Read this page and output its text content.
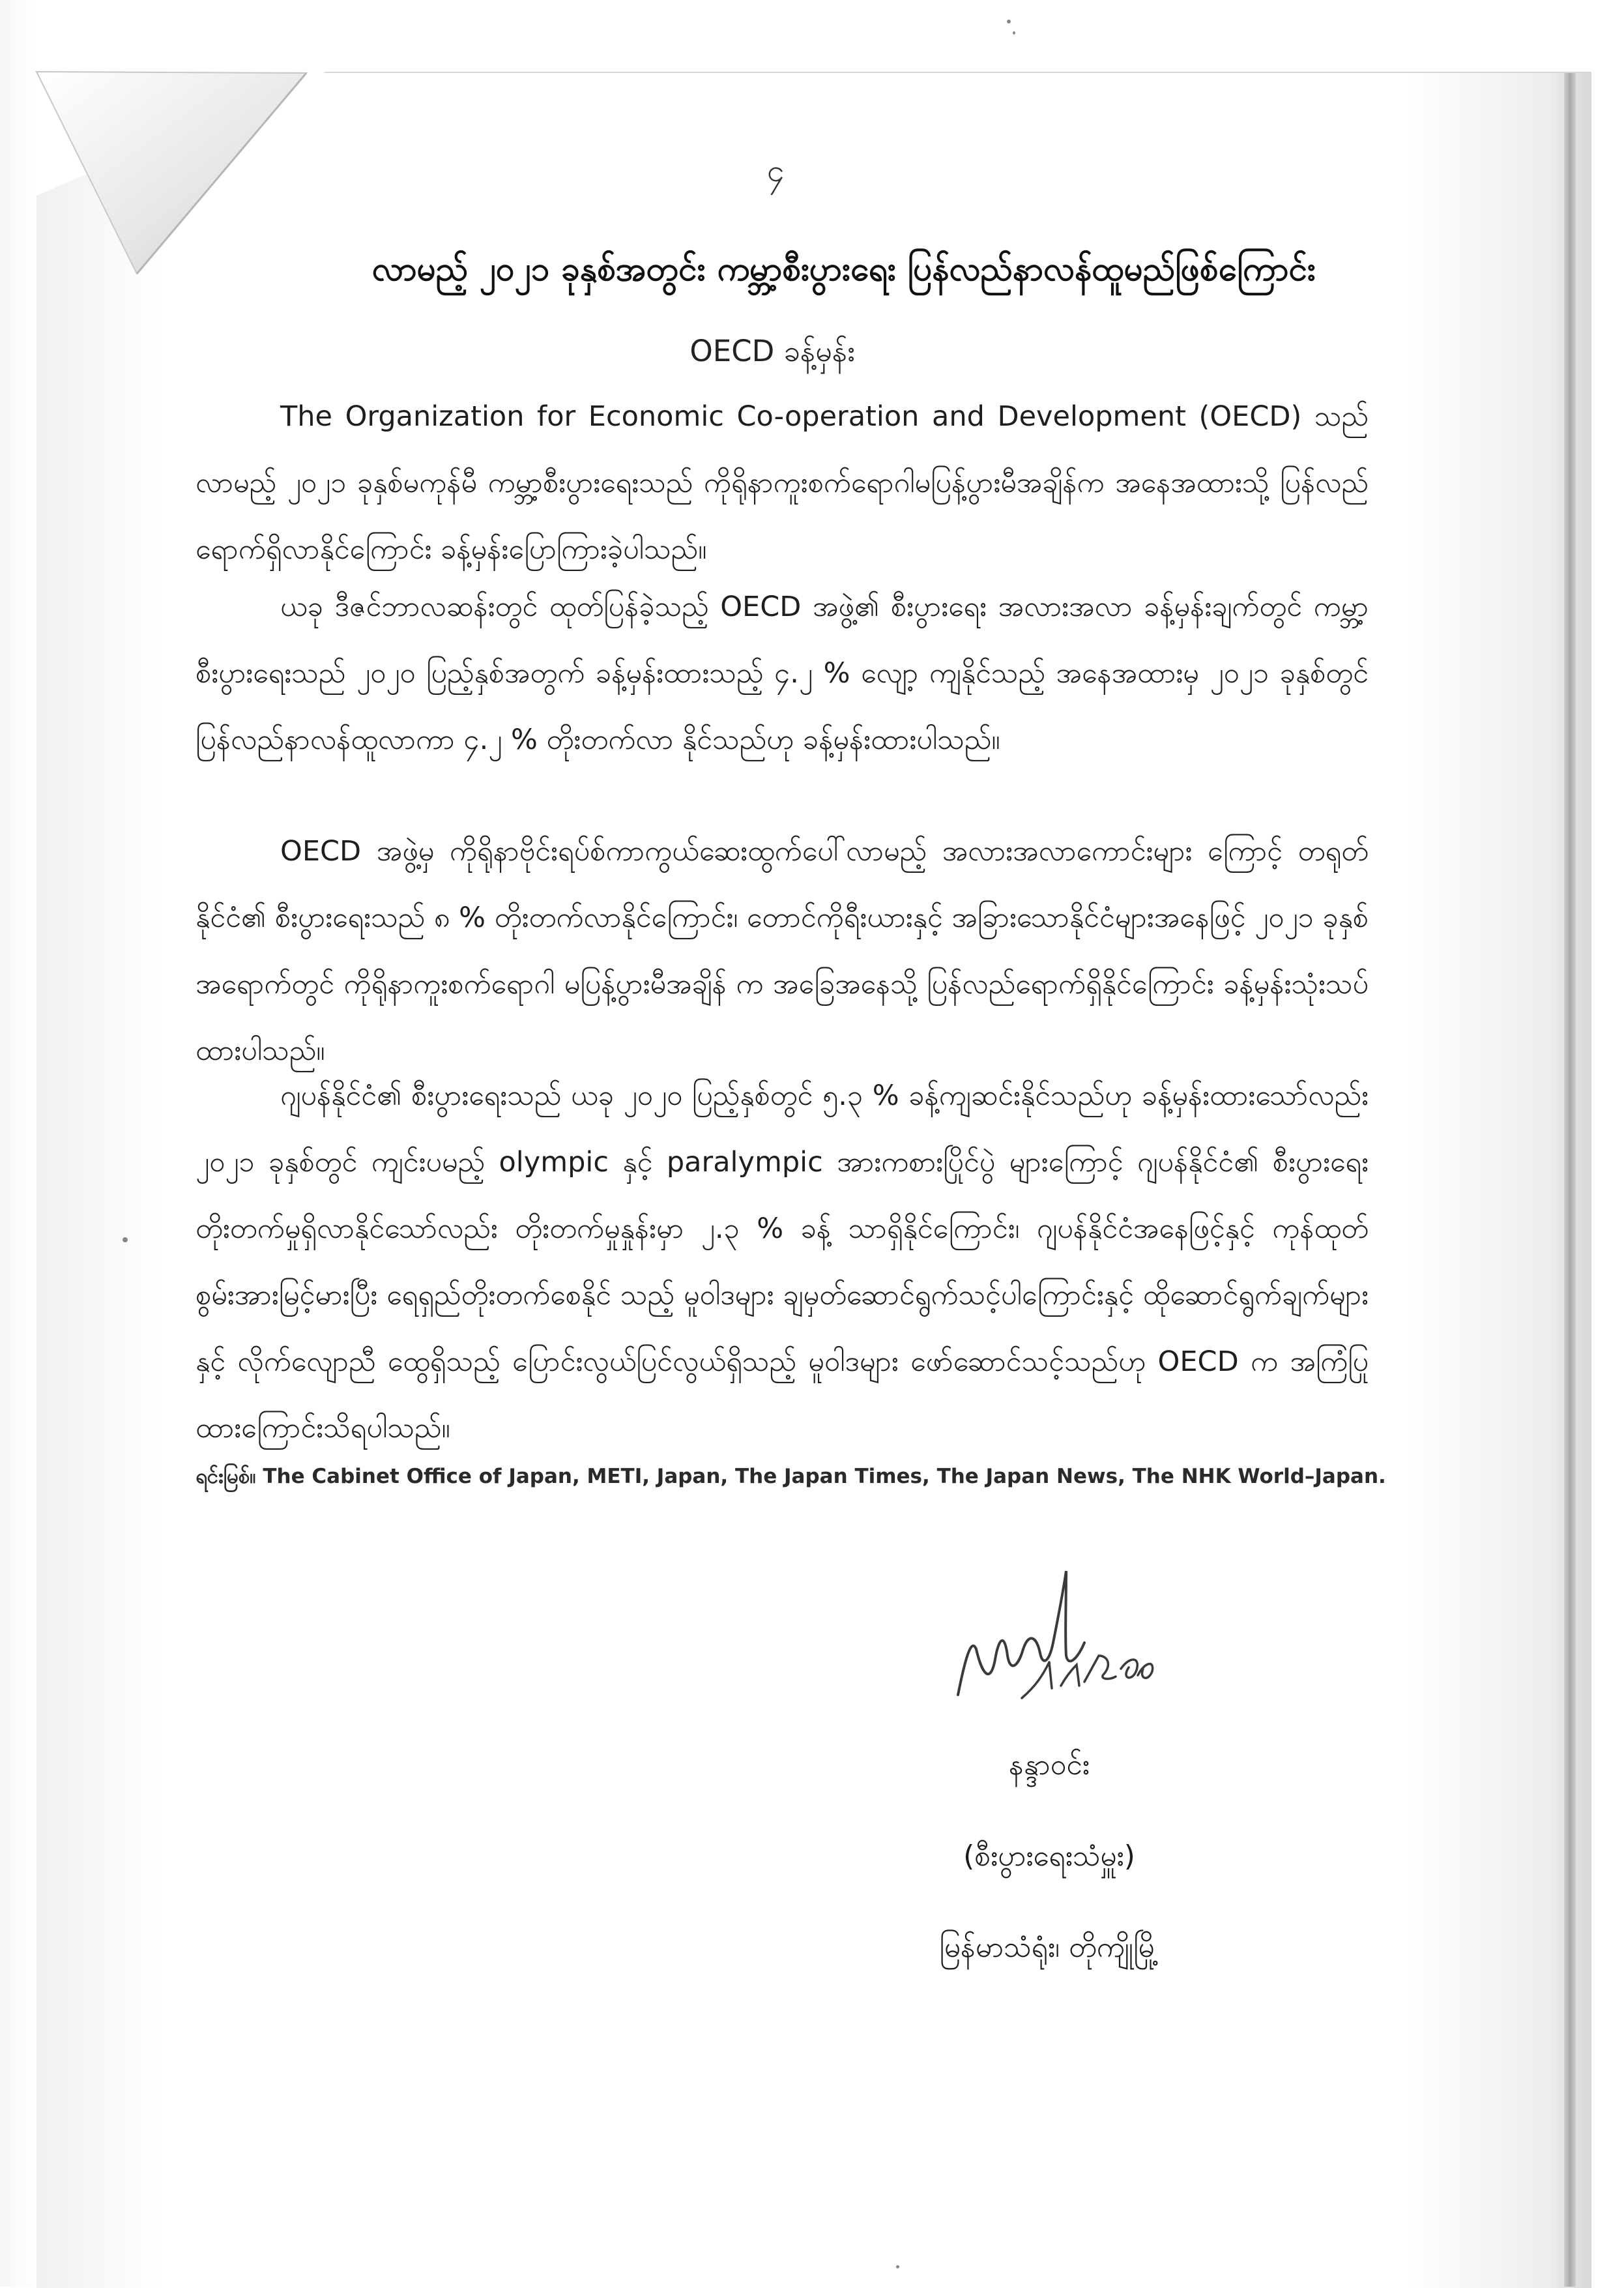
၄
လာမည့် ၂၀၂၁ ခုနှစ်အတွင်း ကမ္ဘာ့စီးပွားရေး ပြန်လည်နာလန်ထူမည်ဖြစ်ကြောင်း
OECD ခန့်မှန်း
The Organization for Economic Co-operation and Development (OECD) သည် လာမည့် ၂၀၂၁ ခုနှစ်မကုန်မီ ကမ္ဘာ့စီးပွားရေးသည် ကိုရိုနာကူးစက်ရောဂါမပြန့်ပွားမီအချိန်က အနေအထားသို့ ပြန်လည်ရောက်ရှိလာနိုင်ကြောင်း ခန့်မှန်းပြောကြားခဲ့ပါသည်။
ယခု ဒီဇင်ဘာလဆန်းတွင် ထုတ်ပြန်ခဲ့သည့် OECD အဖွဲ့၏ စီးပွားရေး အလားအလာ ခန့်မှန်းချက်တွင် ကမ္ဘာ့စီးပွားရေးသည် ၂၀၂၀ ပြည့်နှစ်အတွက် ခန့်မှန်းထားသည့် ၄.၂ % လျော့ ကျနိုင်သည့် အနေအထားမှ ၂၀၂၁ ခုနှစ်တွင် ပြန်လည်နာလန်ထူလာကာ ၄.၂ % တိုးတက်လာ နိုင်သည်ဟု ခန့်မှန်းထားပါသည်။
OECD အဖွဲ့မှ ကိုရိုနာဗိုင်းရပ်စ်ကာကွယ်ဆေးထွက်ပေါ်လာမည့် အလားအလာကောင်းများ ကြောင့် တရုတ်နိုင်ငံ၏ စီးပွားရေးသည် ၈ % တိုးတက်လာနိုင်ကြောင်း၊ တောင်ကိုရီးယားနှင့် အခြားသောနိုင်ငံများအနေဖြင့် ၂၀၂၁ ခုနှစ်အရောက်တွင် ကိုရိုနာကူးစက်ရောဂါ မပြန့်ပွားမီအချိန် က အခြေအနေသို့ ပြန်လည်ရောက်ရှိနိုင်ကြောင်း ခန့်မှန်းသုံးသပ်ထားပါသည်။
ဂျပန်နိုင်ငံ၏ စီးပွားရေးသည် ယခု ၂၀၂၀ ပြည့်နှစ်တွင် ၅.၃ % ခန့်ကျဆင်းနိုင်သည်ဟု ခန့်မှန်းထားသော်လည်း ၂၀၂၁ ခုနှစ်တွင် ကျင်းပမည့် olympic နှင့် paralympic အားကစားပြိုင်ပွဲ များကြောင့် ဂျပန်နိုင်ငံ၏ စီးပွားရေး တိုးတက်မှုရှိလာနိုင်သော်လည်း တိုးတက်မှုနှုန်းမှာ ၂.၃ % ခန့် သာရှိနိုင်ကြောင်း၊ ဂျပန်နိုင်ငံအနေဖြင့်နှင့် ကုန်ထုတ်စွမ်းအားမြင့်မားပြီး ရေရှည်တိုးတက်စေနိုင် သည့် မူဝါဒများ ချမှတ်ဆောင်ရွက်သင့်ပါကြောင်းနှင့် ထိုဆောင်ရွက်ချက်များနှင့် လိုက်လျောညီ ထွေရှိသည့် ပြောင်းလွယ်ပြင်လွယ်ရှိသည့် မူဝါဒများ ဖော်ဆောင်သင့်သည်ဟု OECD က အကြံပြု ထားကြောင်းသိရပါသည်။
ရင်းမြစ်။ The Cabinet Office of Japan, METI, Japan, The Japan Times, The Japan News, The NHK World–Japan.
နန္ဒာဝင်း
(စီးပွားရေးသံမှူး)
မြန်မာသံရုံး၊ တိုကျိုမြို့
